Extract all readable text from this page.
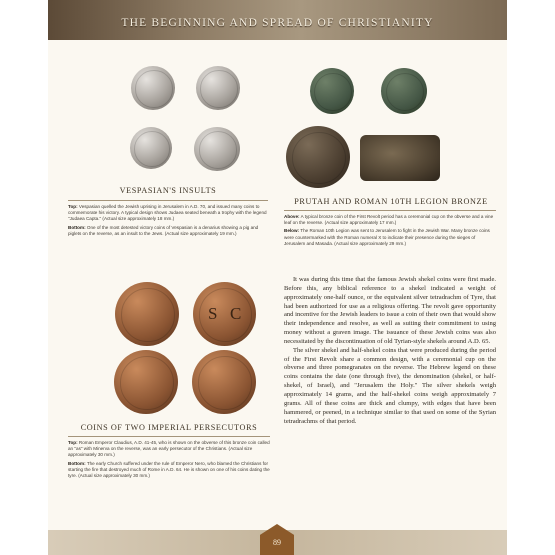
THE BEGINNING AND SPREAD OF CHRISTIANITY
VESPASIAN'S INSULTS

Top: Vespasian quelled the Jewish uprising in Jerusalem in A.D. 70, and issued many coins to commemorate his victory. A typical design shows Judaea seated beneath a trophy with the legend "Judaea Capta." (Actual size approximately 18 mm.)

Bottom: One of the most detested victory coins of Vespasian is a denarius showing a pig and piglets on the reverse, as an insult to the Jews. (Actual size approximately 19 mm.)

PRUTAH AND ROMAN 10TH LEGION BRONZE

Above: A typical bronze coin of the First Revolt period has a ceremonial cup on the obverse and a vine leaf on the reverse. (Actual size approximately 17 mm.)

Below: The Roman 10th Legion was sent to Jerusalem to fight in the Jewish War. Many bronze coins were countermarked with the Roman numeral X to indicate their presence during the sieges of Jerusalem and Masada. (Actual size approximately 29 mm.)

S C
COINS OF TWO IMPERIAL PERSECUTORS

Top: Roman Emperor Claudius, A.D. 41-45, who is shown on the obverse of this bronze coin called an "as" with Minerva on the reverse, was an early persecutor of the Christians. (Actual size approximately 30 mm.)

Bottom: The early Church suffered under the rule of Emperor Nero, who blamed the Christians for starting the fire that destroyed much of Rome in A.D. 64. He is shown on one of his coins dating the tyre. (Actual size approximately 30 mm.)

It was during this time that the famous Jewish shekel coins were first made. Before this, any biblical reference to a shekel indicated a weight of approximately one-half ounce, or the equivalent silver tetradrachm of Tyre, that had been authorized for use as a religious offering. The revolt gave opportunity and incentive for the Jewish leaders to issue a coin of their own that would show their independence and resolve, as well as suiting their commitment to using money without a graven image. The issuance of these Jewish coins was also necessitated by the discontinuation of old Tyrian-style shekels around A.D. 65.

The silver shekel and half-shekel coins that were produced during the period of the First Revolt share a common design, with a ceremonial cup on the obverse and three pomegranates on the reverse. The Hebrew legend on these coins contains the date (one through five), the denomination (shekel, or half-shekel, of Israel), and "Jerusalem the Holy." The silver shekels weigh approximately 14 grams, and the half-shekel coins weigh approximately 7 grams. All of these coins are thick and clumpy, with edges that have been hammered, or peened, in a technique similar to that used on some of the Syrian tetradrachms of that period.

89
